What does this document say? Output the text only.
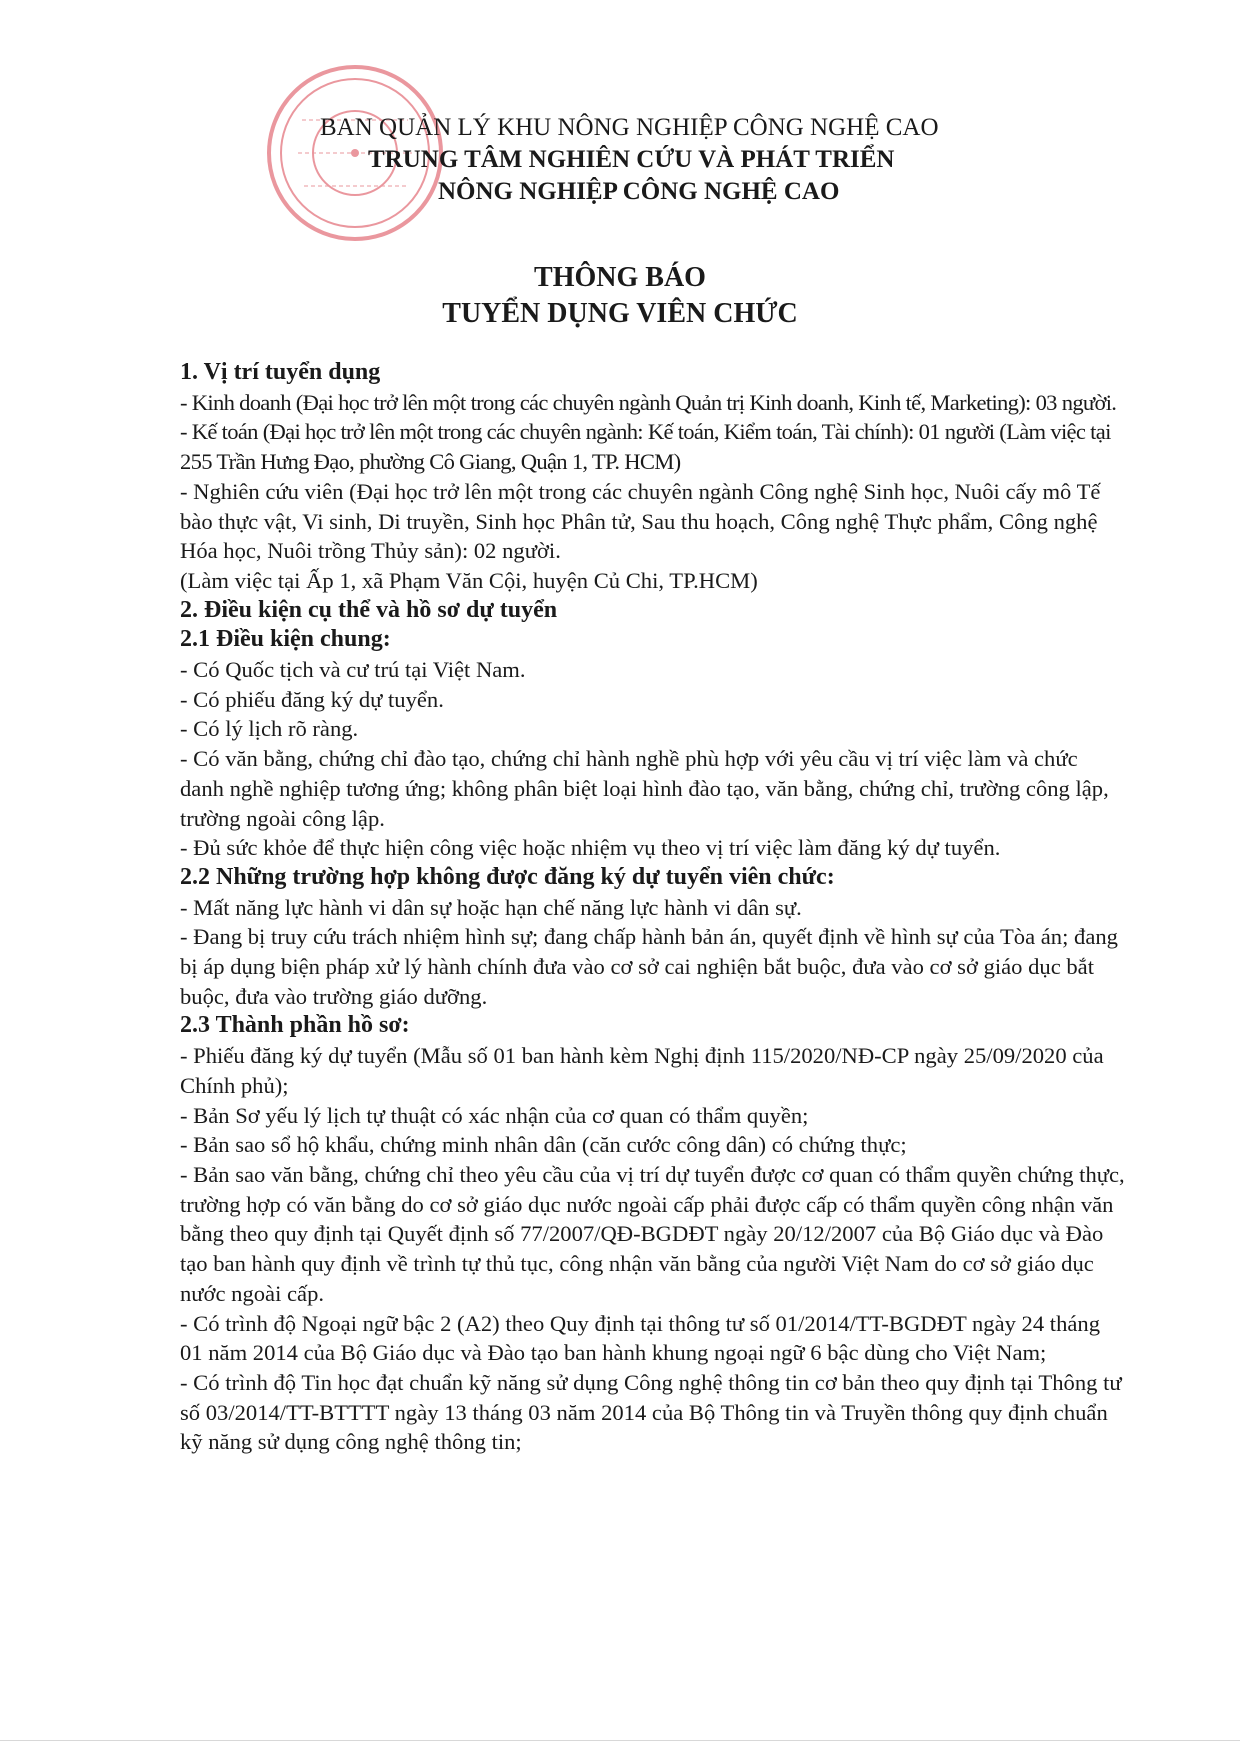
BAN QUẢN LÝ KHU NÔNG NGHIỆP CÔNG NGHỆ CAO
TRUNG TÂM NGHIÊN CỨU VÀ PHÁT TRIỂN
NÔNG NGHIỆP CÔNG NGHỆ CAO
THÔNG BÁO
TUYỂN DỤNG VIÊN CHỨC

1. Vị trí tuyển dụng

- Kinh doanh (Đại học trở lên một trong các chuyên ngành Quản trị Kinh doanh, Kinh tế, Marketing): 03 người.

- Kế toán (Đại học trở lên một trong các chuyên ngành: Kế toán, Kiểm toán, Tài chính): 01 người (Làm việc tại 255 Trần Hưng Đạo, phường Cô Giang, Quận 1, TP. HCM)

- Nghiên cứu viên (Đại học trở lên một trong các chuyên ngành Công nghệ Sinh học, Nuôi cấy mô Tế bào thực vật, Vi sinh, Di truyền, Sinh học Phân tử, Sau thu hoạch, Công nghệ Thực phẩm, Công nghệ Hóa học, Nuôi trồng Thủy sản): 02 người.

(Làm việc tại Ấp 1, xã Phạm Văn Cội, huyện Củ Chi, TP.HCM)

2. Điều kiện cụ thể và hồ sơ dự tuyển

2.1 Điều kiện chung:

- Có Quốc tịch và cư trú tại Việt Nam.

- Có phiếu đăng ký dự tuyển.

- Có lý lịch rõ ràng.

- Có văn bằng, chứng chỉ đào tạo, chứng chỉ hành nghề phù hợp với yêu cầu vị trí việc làm và chức danh nghề nghiệp tương ứng; không phân biệt loại hình đào tạo, văn bằng, chứng chỉ, trường công lập, trường ngoài công lập.

- Đủ sức khỏe để thực hiện công việc hoặc nhiệm vụ theo vị trí việc làm đăng ký dự tuyển.

2.2 Những trường hợp không được đăng ký dự tuyển viên chức:

- Mất năng lực hành vi dân sự hoặc hạn chế năng lực hành vi dân sự.

- Đang bị truy cứu trách nhiệm hình sự; đang chấp hành bản án, quyết định về hình sự của Tòa án; đang bị áp dụng biện pháp xử lý hành chính đưa vào cơ sở cai nghiện bắt buộc, đưa vào cơ sở giáo dục bắt buộc, đưa vào trường giáo dưỡng.

2.3 Thành phần hồ sơ:

- Phiếu đăng ký dự tuyển (Mẫu số 01 ban hành kèm Nghị định 115/2020/NĐ-CP ngày 25/09/2020 của Chính phủ);

- Bản Sơ yếu lý lịch tự thuật có xác nhận của cơ quan có thẩm quyền;

- Bản sao sổ hộ khẩu, chứng minh nhân dân (căn cước công dân) có chứng thực;

- Bản sao văn bằng, chứng chỉ theo yêu cầu của vị trí dự tuyển được cơ quan có thẩm quyền chứng thực, trường hợp có văn bằng do cơ sở giáo dục nước ngoài cấp phải được cấp có thẩm quyền công nhận văn bằng theo quy định tại Quyết định số 77/2007/QĐ-BGDĐT ngày 20/12/2007 của Bộ Giáo dục và Đào tạo ban hành quy định về trình tự thủ tục, công nhận văn bằng của người Việt Nam do cơ sở giáo dục nước ngoài cấp.

- Có trình độ Ngoại ngữ bậc 2 (A2) theo Quy định tại thông tư số 01/2014/TT-BGDĐT ngày 24 tháng 01 năm 2014 của Bộ Giáo dục và Đào tạo ban hành khung ngoại ngữ 6 bậc dùng cho Việt Nam;

- Có trình độ Tin học đạt chuẩn kỹ năng sử dụng Công nghệ thông tin cơ bản theo quy định tại Thông tư số 03/2014/TT-BTTTT ngày 13 tháng 03 năm 2014 của Bộ Thông tin và Truyền thông quy định chuẩn kỹ năng sử dụng công nghệ thông tin;
